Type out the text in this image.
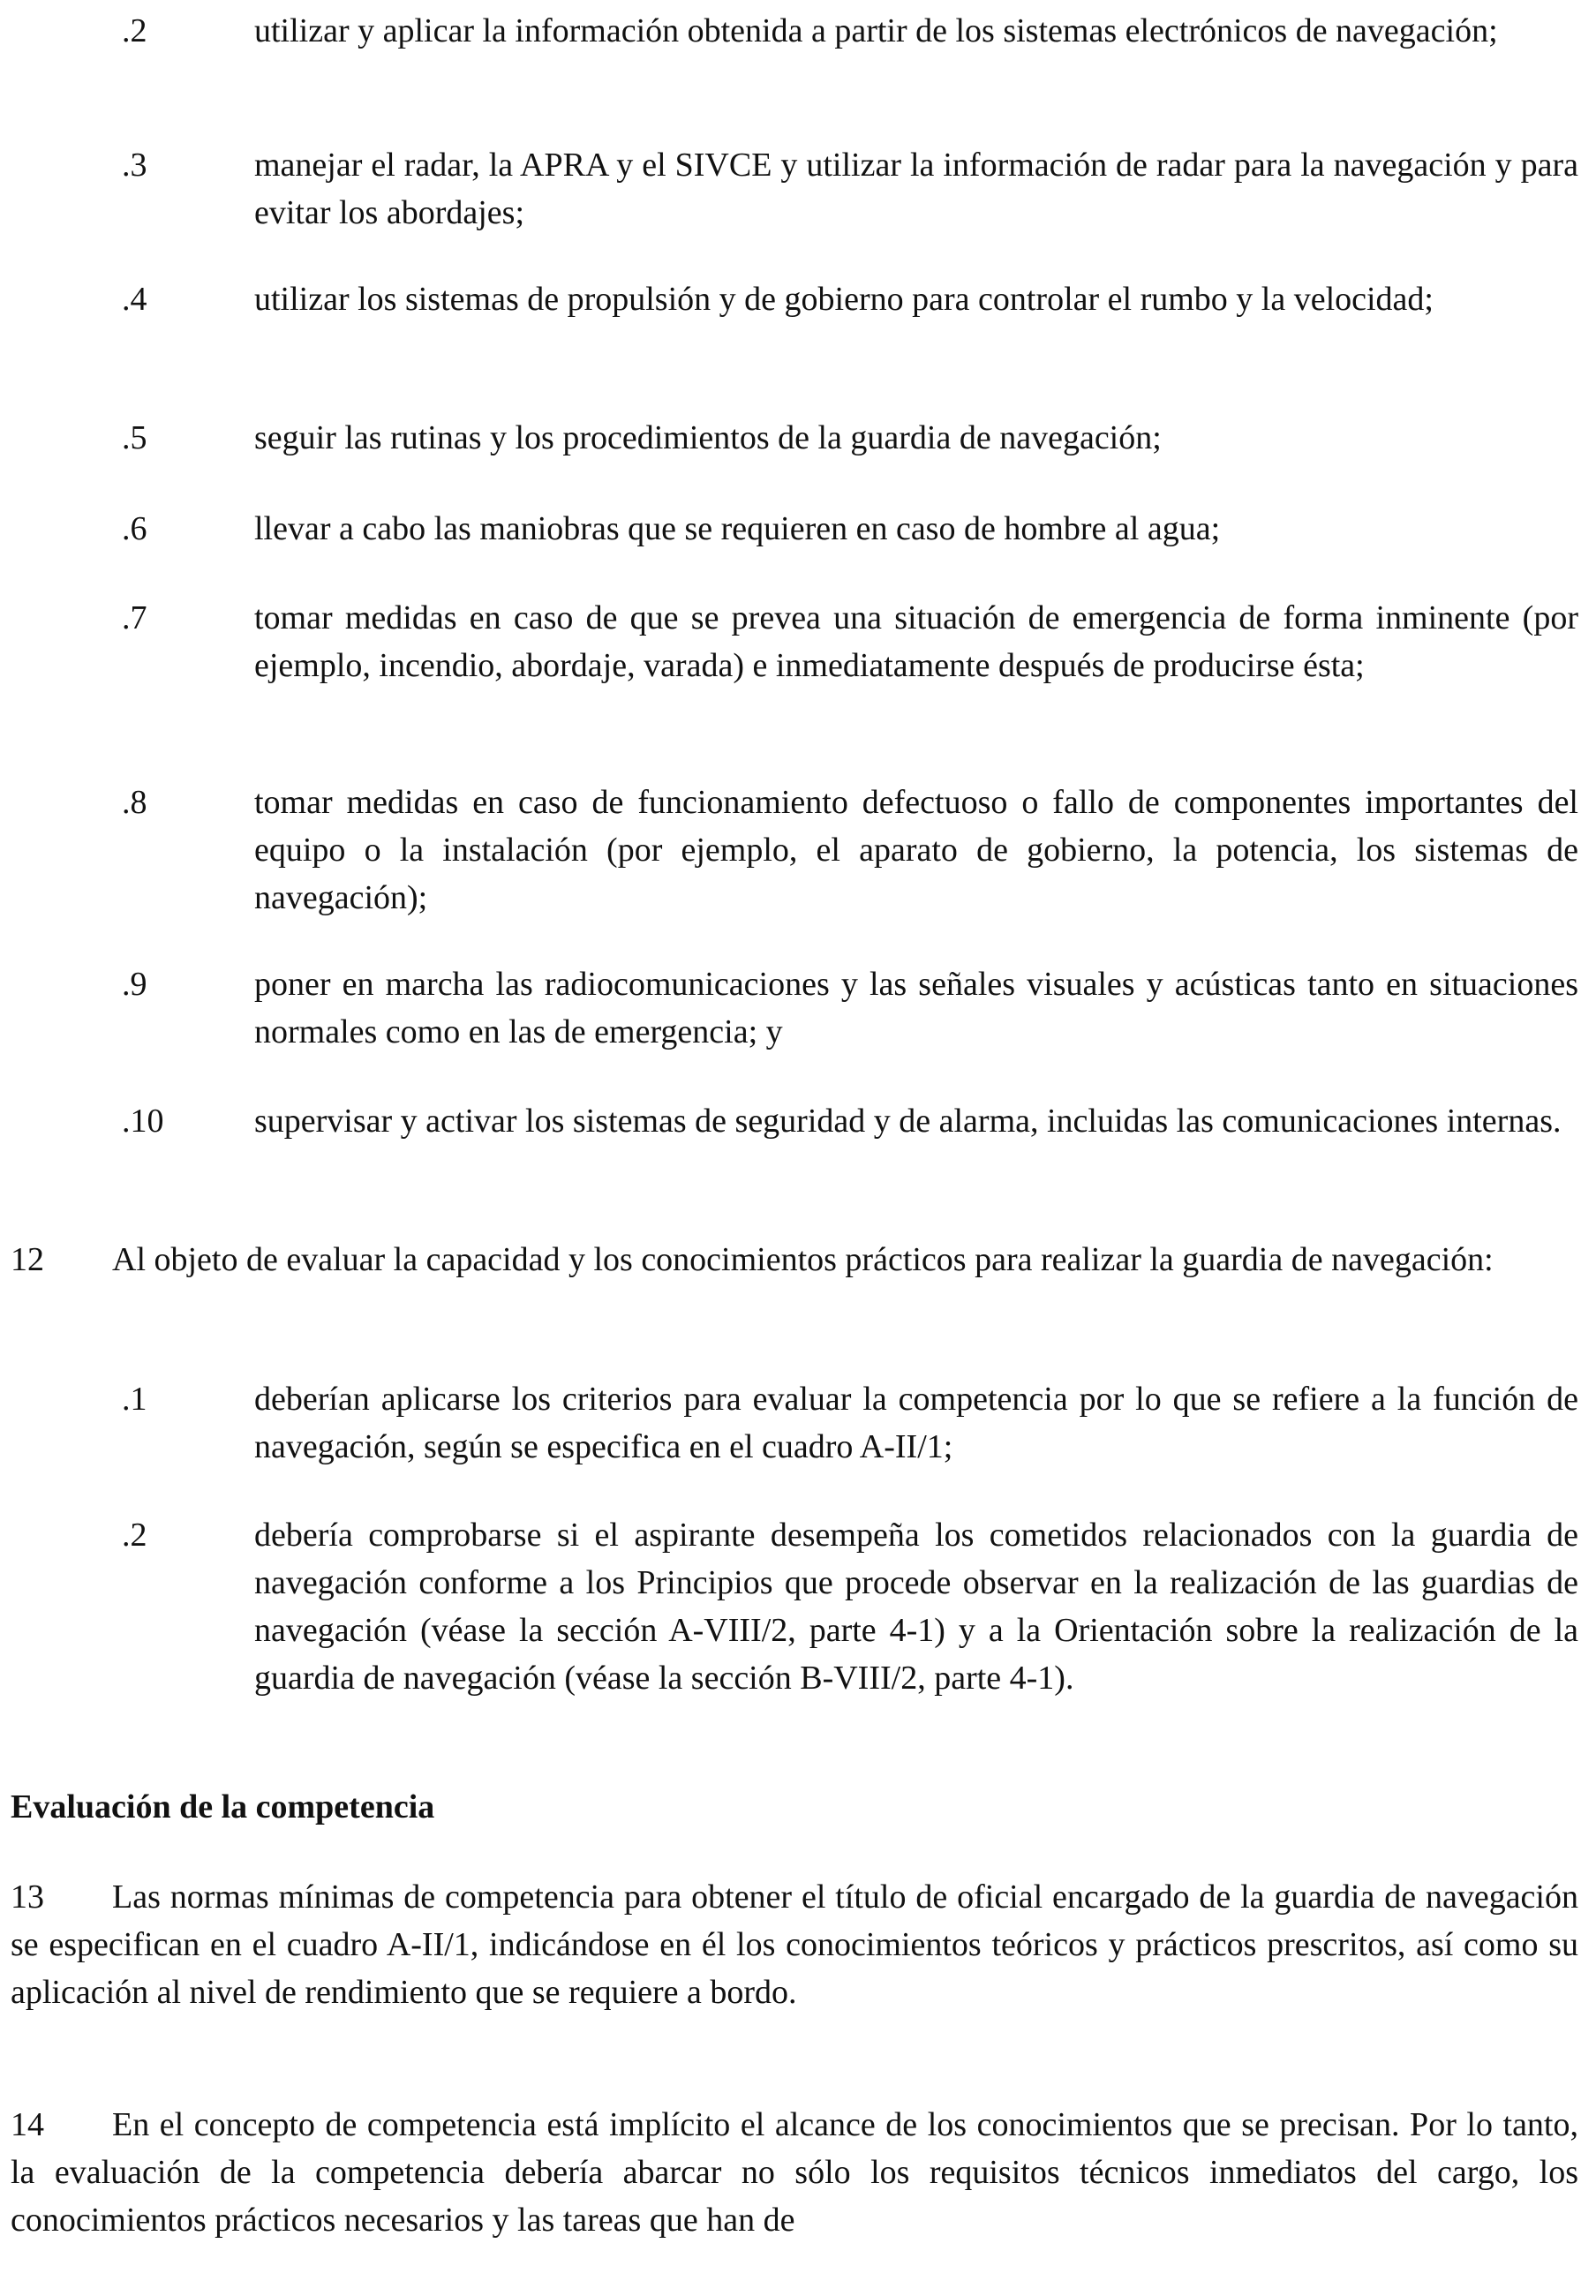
.2	utilizar y aplicar la información obtenida a partir de los sistemas electrónicos de navegación;
.3	manejar el radar, la APRA y el SIVCE y utilizar la información de radar para la navegación y para evitar los abordajes;
.4	utilizar los sistemas de propulsión y de gobierno para controlar el rumbo y la velocidad;
.5	seguir las rutinas y los procedimientos de la guardia de navegación;
.6	llevar a cabo las maniobras que se requieren en caso de hombre al agua;
.7	tomar medidas en caso de que se prevea una situación de emergencia de forma inminente (por ejemplo, incendio, abordaje, varada) e inmediatamente después de producirse ésta;
.8	tomar medidas en caso de funcionamiento defectuoso o fallo de componentes importantes del equipo o la instalación (por ejemplo, el aparato de gobierno, la potencia, los sistemas de navegación);
.9	poner en marcha las radiocomunicaciones y las señales visuales y acústicas tanto en situaciones normales como en las de emergencia; y
.10	supervisar y activar los sistemas de seguridad y de alarma, incluidas las comunicaciones internas.
12 Al objeto de evaluar la capacidad y los conocimientos prácticos para realizar la guardia de navegación:
.1	deberían aplicarse los criterios para evaluar la competencia por lo que se refiere a la función de navegación, según se especifica en el cuadro A-II/1;
.2	debería comprobarse si el aspirante desempeña los cometidos relacionados con la guardia de navegación conforme a los Principios que procede observar en la realización de las guardias de navegación (véase la sección A-VIII/2, parte 4-1) y a la Orientación sobre la realización de la guardia de navegación (véase la sección B-VIII/2, parte 4-1).
Evaluación de la competencia
13 Las normas mínimas de competencia para obtener el título de oficial encargado de la guardia de navegación se especifican en el cuadro A-II/1, indicándose en él los conocimientos teóricos y prácticos prescritos, así como su aplicación al nivel de rendimiento que se requiere a bordo.
14 En el concepto de competencia está implícito el alcance de los conocimientos que se precisan. Por lo tanto, la evaluación de la competencia debería abarcar no sólo los requisitos técnicos inmediatos del cargo, los conocimientos prácticos necesarios y las tareas que han de
